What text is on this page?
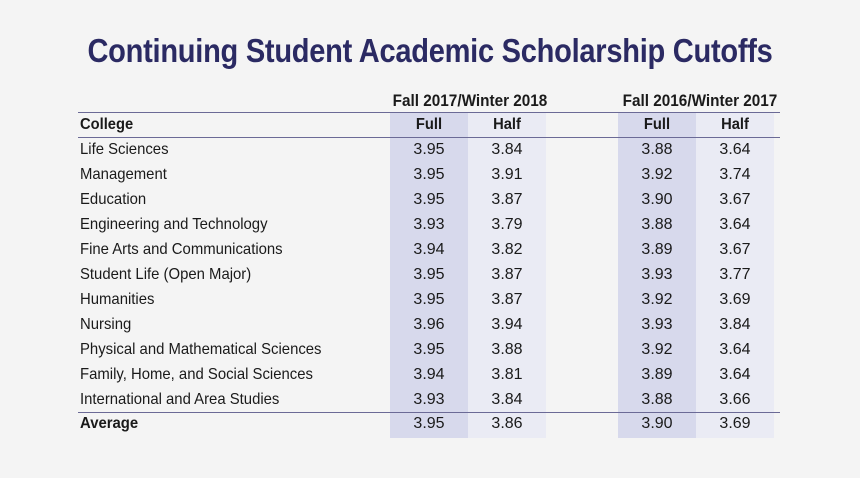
Continuing Student Academic Scholarship Cutoffs
Fall 2017/Winter 2018	Fall 2016/Winter 2017
College	Full	Half	Full	Half
Life Sciences	3.95	3.84	3.88	3.64
Management	3.95	3.91	3.92	3.74
Education	3.95	3.87	3.90	3.67
Engineering and Technology	3.93	3.79	3.88	3.64
Fine Arts and Communications	3.94	3.82	3.89	3.67
Student Life (Open Major)	3.95	3.87	3.93	3.77
Humanities	3.95	3.87	3.92	3.69
Nursing	3.96	3.94	3.93	3.84
Physical and Mathematical Sciences	3.95	3.88	3.92	3.64
Family, Home, and Social Sciences	3.94	3.81	3.89	3.64
International and Area Studies	3.93	3.84	3.88	3.66
Average	3.95	3.86	3.90	3.69
